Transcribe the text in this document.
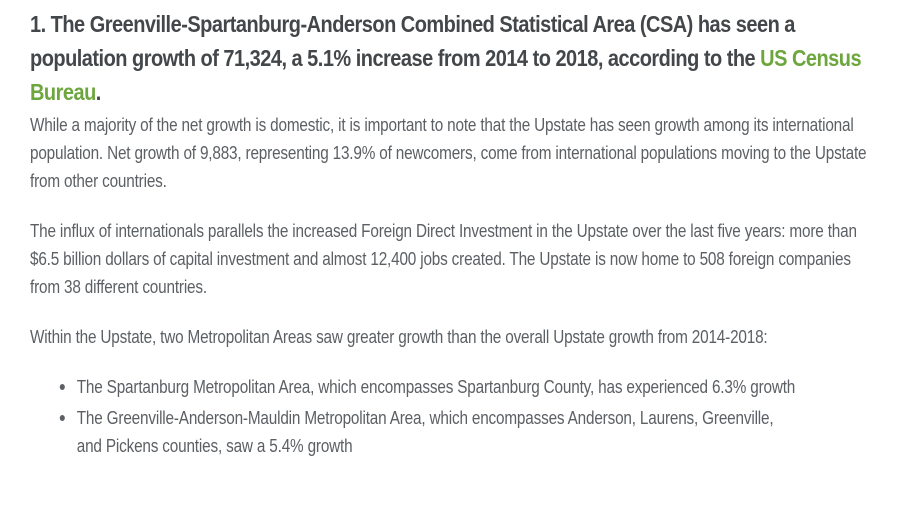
1. The Greenville-Spartanburg-Anderson Combined Statistical Area (CSA) has seen a population growth of 71,324, a 5.1% increase from 2014 to 2018, according to the US Census Bureau.

While a majority of the net growth is domestic, it is important to note that the Upstate has seen growth among its international population. Net growth of 9,883, representing 13.9% of newcomers, come from international populations moving to the Upstate from other countries.

The influx of internationals parallels the increased Foreign Direct Investment in the Upstate over the last five years: more than $6.5 billion dollars of capital investment and almost 12,400 jobs created. The Upstate is now home to 508 foreign companies from 38 different countries.

Within the Upstate, two Metropolitan Areas saw greater growth than the overall Upstate growth from 2014-2018:

The Spartanburg Metropolitan Area, which encompasses Spartanburg County, has experienced 6.3% growth
The Greenville-Anderson-Mauldin Metropolitan Area, which encompasses Anderson, Laurens, Greenville, and Pickens counties, saw a 5.4% growth
